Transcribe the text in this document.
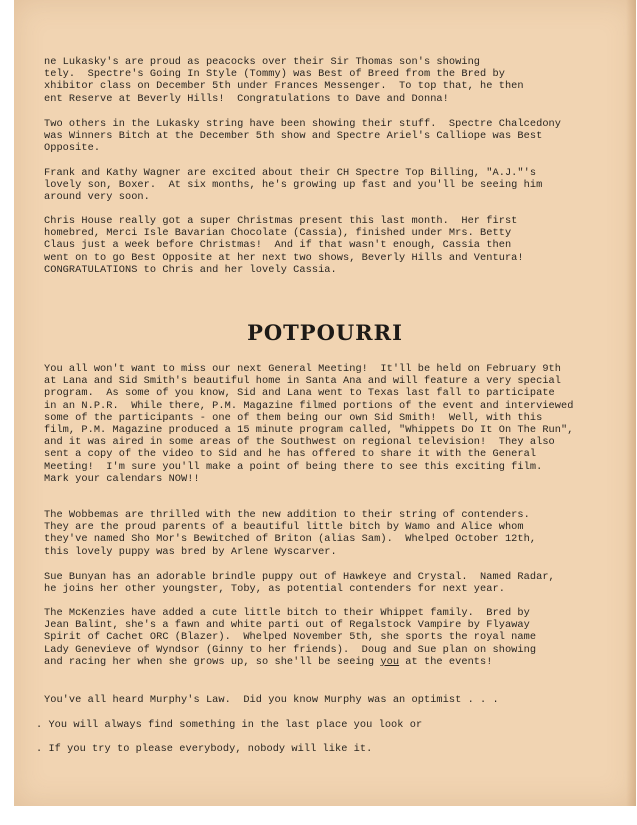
ne Lukasky's are proud as peacocks over their Sir Thomas son's showing
tely.  Spectre's Going In Style (Tommy) was Best of Breed from the Bred by
xhibitor class on December 5th under Frances Messenger.  To top that, he then
ent Reserve at Beverly Hills!  Congratulations to Dave and Donna!
Two others in the Lukasky string have been showing their stuff.  Spectre Chalcedony
was Winners Bitch at the December 5th show and Spectre Ariel's Calliope was Best
Opposite.
Frank and Kathy Wagner are excited about their CH Spectre Top Billing, "A.J."'s
lovely son, Boxer.  At six months, he's growing up fast and you'll be seeing him
around very soon.
Chris House really got a super Christmas present this last month.  Her first
homebred, Merci Isle Bavarian Chocolate (Cassia), finished under Mrs. Betty
Claus just a week before Christmas!  And if that wasn't enough, Cassia then
went on to go Best Opposite at her next two shows, Beverly Hills and Ventura!
CONGRATULATIONS to Chris and her lovely Cassia.
POTPOURRI
You all won't want to miss our next General Meeting!  It'll be held on February 9th
at Lana and Sid Smith's beautiful home in Santa Ana and will feature a very special
program.  As some of you know, Sid and Lana went to Texas last fall to participate
in an N.P.R.  While there, P.M. Magazine filmed portions of the event and interviewed
some of the participants - one of them being our own Sid Smith!  Well, with this
film, P.M. Magazine produced a 15 minute program called, "Whippets Do It On The Run",
and it was aired in some areas of the Southwest on regional television!  They also
sent a copy of the video to Sid and he has offered to share it with the General
Meeting!  I'm sure you'll make a point of being there to see this exciting film.
Mark your calendars NOW!!
The Wobbemas are thrilled with the new addition to their string of contenders.
They are the proud parents of a beautiful little bitch by Wamo and Alice whom
they've named Sho Mor's Bewitched of Briton (alias Sam).  Whelped October 12th,
this lovely puppy was bred by Arlene Wyscarver.
Sue Bunyan has an adorable brindle puppy out of Hawkeye and Crystal.  Named Radar,
he joins her other youngster, Toby, as potential contenders for next year.
The McKenzies have added a cute little bitch to their Whippet family.  Bred by
Jean Balint, she's a fawn and white parti out of Regalstock Vampire by Flyaway
Spirit of Cachet ORC (Blazer).  Whelped November 5th, she sports the royal name
Lady Genevieve of Wyndsor (Ginny to her friends).  Doug and Sue plan on showing
and racing her when she grows up, so she'll be seeing you at the events!
You've all heard Murphy's Law.  Did you know Murphy was an optimist . . .
. You will always find something in the last place you look or
. If you try to please everybody, nobody will like it.
